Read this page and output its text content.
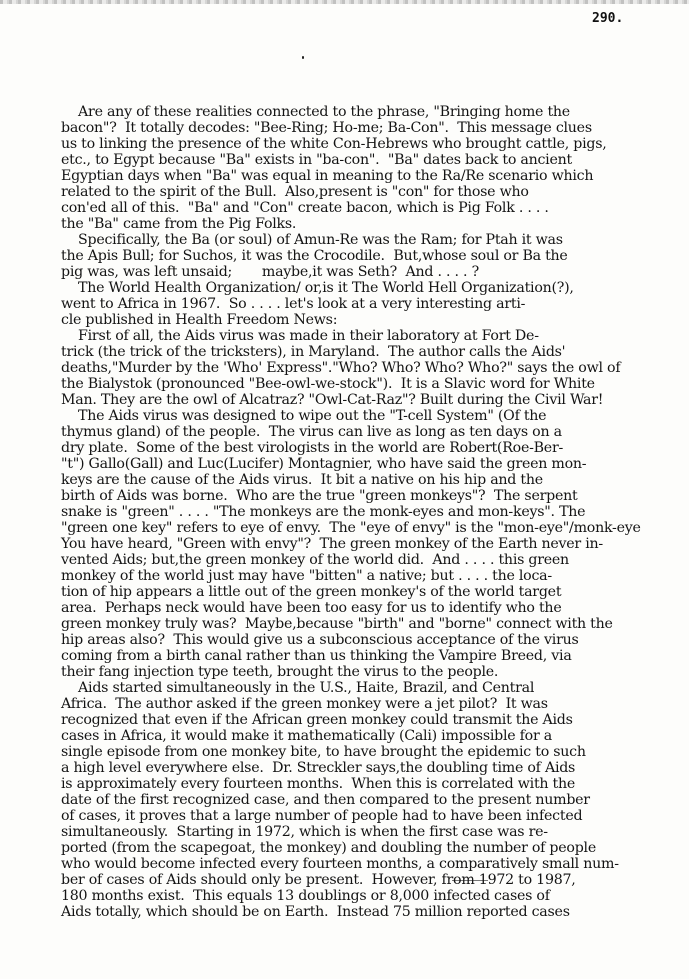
290.

Are any of these realities connected to the phrase, "Bringing home the

bacon"?  It totally decodes: "Bee-Ring; Ho-me; Ba-Con".  This message clues

us to linking the presence of the white Con-Hebrews who brought cattle, pigs,

etc., to Egypt because "Ba" exists in "ba-con".  "Ba" dates back to ancient

Egyptian days when "Ba" was equal in meaning to the Ra/Re scenario which

related to the spirit of the Bull.  Also,present is "con" for those who

con'ed all of this.  "Ba" and "Con" create bacon, which is Pig Folk . . . .

the "Ba" came from the Pig Folks.

Specifically, the Ba (or soul) of Amun-Re was the Ram; for Ptah it was

the Apis Bull; for Suchos, it was the Crocodile.  But,whose soul or Ba the

pig was, was left unsaid;       maybe,it was Seth?  And . . . . ?

The World Health Organization/ or,is it The World Hell Organization(?),

went to Africa in 1967.  So . . . . let's look at a very interesting arti-

cle published in Health Freedom News:

First of all, the Aids virus was made in their laboratory at Fort De-

trick (the trick of the tricksters), in Maryland.  The author calls the Aids'

deaths,"Murder by the 'Who' Express"."Who? Who? Who? Who?" says the owl of

the Bialystok (pronounced "Bee-owl-we-stock").  It is a Slavic word for White

Man. They are the owl of Alcatraz? "Owl-Cat-Raz"? Built during the Civil War!

The Aids virus was designed to wipe out the "T-cell System" (Of the

thymus gland) of the people.  The virus can live as long as ten days on a

dry plate.  Some of the best virologists in the world are Robert(Roe-Ber-

"t") Gallo(Gall) and Luc(Lucifer) Montagnier, who have said the green mon-

keys are the cause of the Aids virus.  It bit a native on his hip and the

birth of Aids was borne.  Who are the true "green monkeys"?  The serpent

snake is "green" . . . . "The monkeys are the monk-eyes and mon-keys". The

"green one key" refers to eye of envy.  The "eye of envy" is the "mon-eye"/monk-eye

You have heard, "Green with envy"?  The green monkey of the Earth never in-

vented Aids; but,the green monkey of the world did.  And . . . . this green

monkey of the world just may have "bitten" a native; but . . . . the loca-

tion of hip appears a little out of the green monkey's of the world target

area.  Perhaps neck would have been too easy for us to identify who the

green monkey truly was?  Maybe,because "birth" and "borne" connect with the

hip areas also?  This would give us a subconscious acceptance of the virus

coming from a birth canal rather than us thinking the Vampire Breed, via

their fang injection type teeth, brought the virus to the people.

Aids started simultaneously in the U.S., Haite, Brazil, and Central

Africa.  The author asked if the green monkey were a jet pilot?  It was

recognized that even if the African green monkey could transmit the Aids

cases in Africa, it would make it mathematically (Cali) impossible for a

single episode from one monkey bite, to have brought the epidemic to such

a high level everywhere else.  Dr. Streckler says,the doubling time of Aids

is approximately every fourteen months.  When this is correlated with the

date of the first recognized case, and then compared to the present number

of cases, it proves that a large number of people had to have been infected

simultaneously.  Starting in 1972, which is when the first case was re-

ported (from the scapegoat, the monkey) and doubling the number of people

who would become infected every fourteen months, a comparatively small num-

ber of cases of Aids should only be present.  However, from 1972 to 1987,

180 months exist.  This equals 13 doublings or 8,000 infected cases of

Aids totally, which should be on Earth.  Instead 75 million reported cases
